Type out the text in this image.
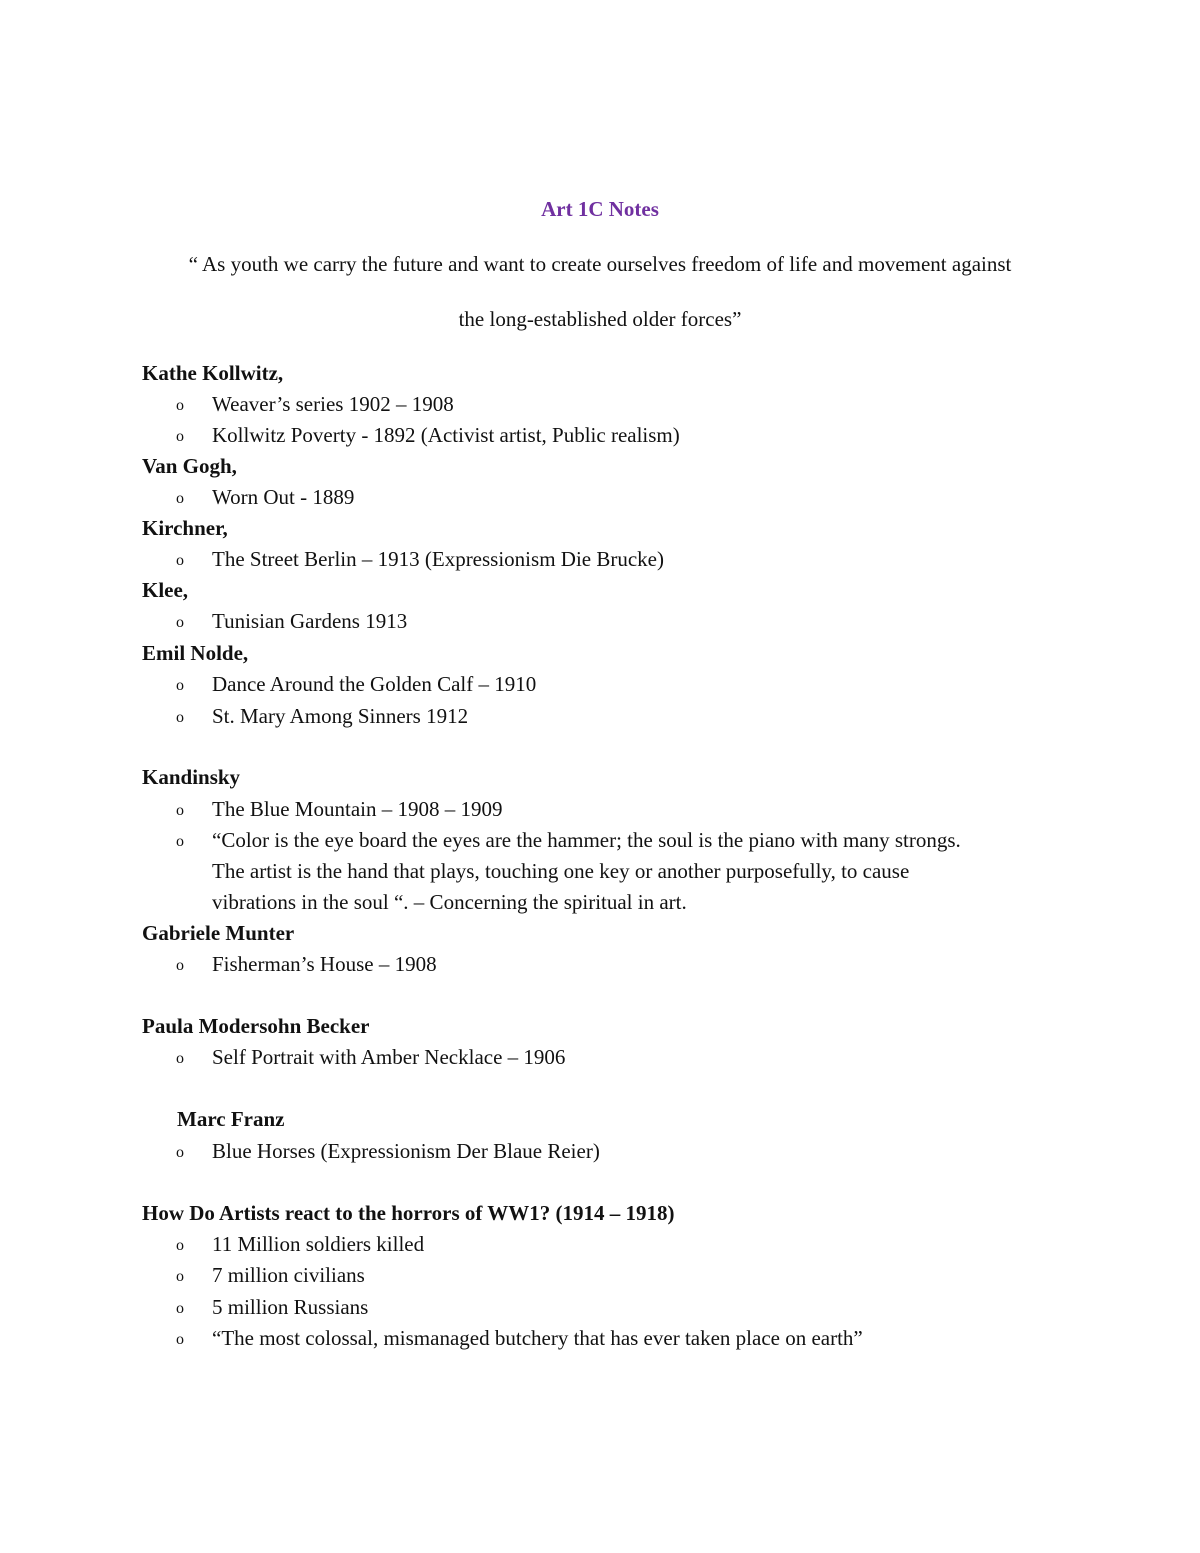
Art 1C Notes
“ As youth we carry the future and want to create ourselves freedom of life and movement against
the long-established older forces”
Kathe Kollwitz,
o Weaver’s series 1902 – 1908
o Kollwitz Poverty - 1892 (Activist artist, Public realism)
Van Gogh,
o Worn Out - 1889
Kirchner,
o The Street Berlin – 1913 (Expressionism Die Brucke)
Klee,
o Tunisian Gardens 1913
Emil Nolde,
o Dance Around the Golden Calf – 1910
o St. Mary Among Sinners 1912
Kandinsky
o The Blue Mountain – 1908 – 1909
o “Color is the eye board the eyes are the hammer; the soul is the piano with many strongs.
The artist is the hand that plays, touching one key or another purposefully, to cause
vibrations in the soul “. – Concerning the spiritual in art.
Gabriele Munter
o Fisherman’s House – 1908
Paula Modersohn Becker
o Self Portrait with Amber Necklace – 1906
Marc Franz
o Blue Horses (Expressionism Der Blaue Reier)
How Do Artists react to the horrors of WW1? (1914 – 1918)
o 11 Million soldiers killed
o 7 million civilians
o 5 million Russians
o “The most colossal, mismanaged butchery that has ever taken place on earth”
